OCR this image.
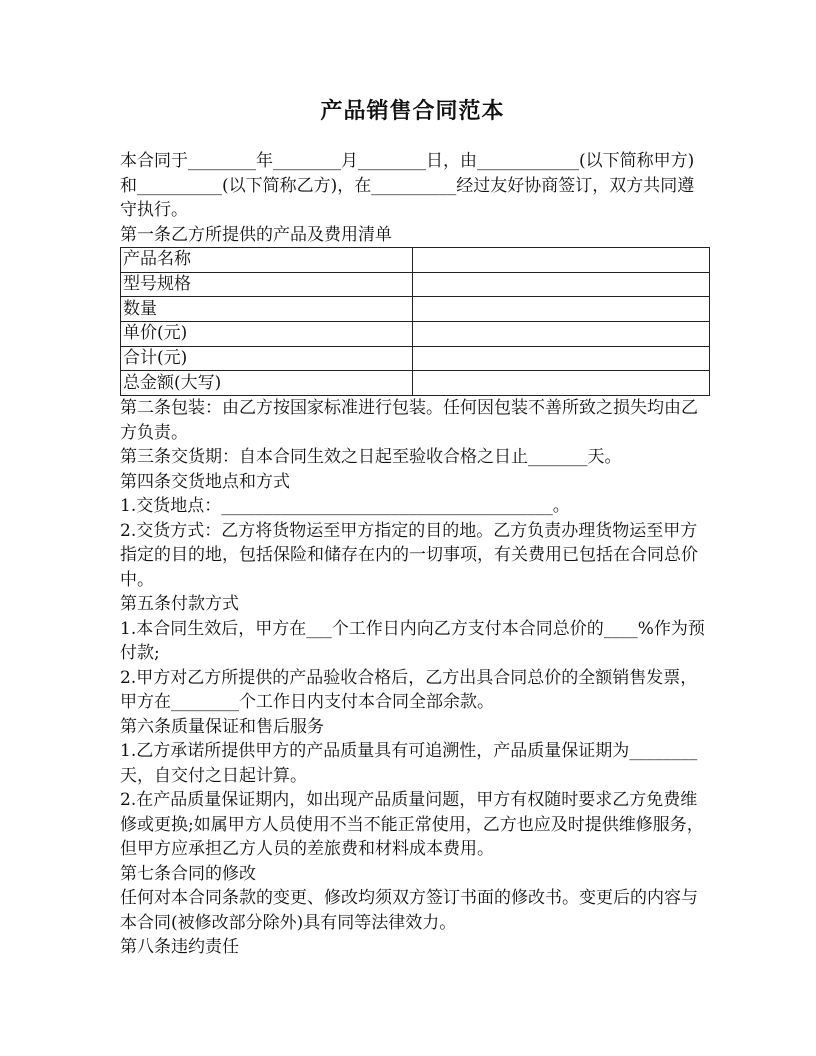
产品销售合同范本

本合同于________年________月________日，由____________(以下简称甲方)和__________(以下简称乙方)，在__________经过友好协商签订，双方共同遵守执行。

第一条乙方所提供的产品及费用清单

产品名称	
型号规格	
数量	
单价(元)	
合计(元)	
总金额(大写)	

第二条包装：由乙方按国家标准进行包装。任何因包装不善所致之损失均由乙方负责。

第三条交货期：自本合同生效之日起至验收合格之日止_______天。

第四条交货地点和方式

1.交货地点：_______________________________________。

2.交货方式：乙方将货物运至甲方指定的目的地。乙方负责办理货物运至甲方指定的目的地，包括保险和储存在内的一切事项，有关费用已包括在合同总价中。

第五条付款方式

1.本合同生效后，甲方在___个工作日内向乙方支付本合同总价的____%作为预付款;

2.甲方对乙方所提供的产品验收合格后，乙方出具合同总价的全额销售发票，甲方在________个工作日内支付本合同全部余款。

第六条质量保证和售后服务

1.乙方承诺所提供甲方的产品质量具有可追溯性，产品质量保证期为________天，自交付之日起计算。

2.在产品质量保证期内，如出现产品质量问题，甲方有权随时要求乙方免费维修或更换;如属甲方人员使用不当不能正常使用，乙方也应及时提供维修服务，但甲方应承担乙方人员的差旅费和材料成本费用。

第七条合同的修改

任何对本合同条款的变更、修改均须双方签订书面的修改书。变更后的内容与本合同(被修改部分除外)具有同等法律效力。

第八条违约责任
